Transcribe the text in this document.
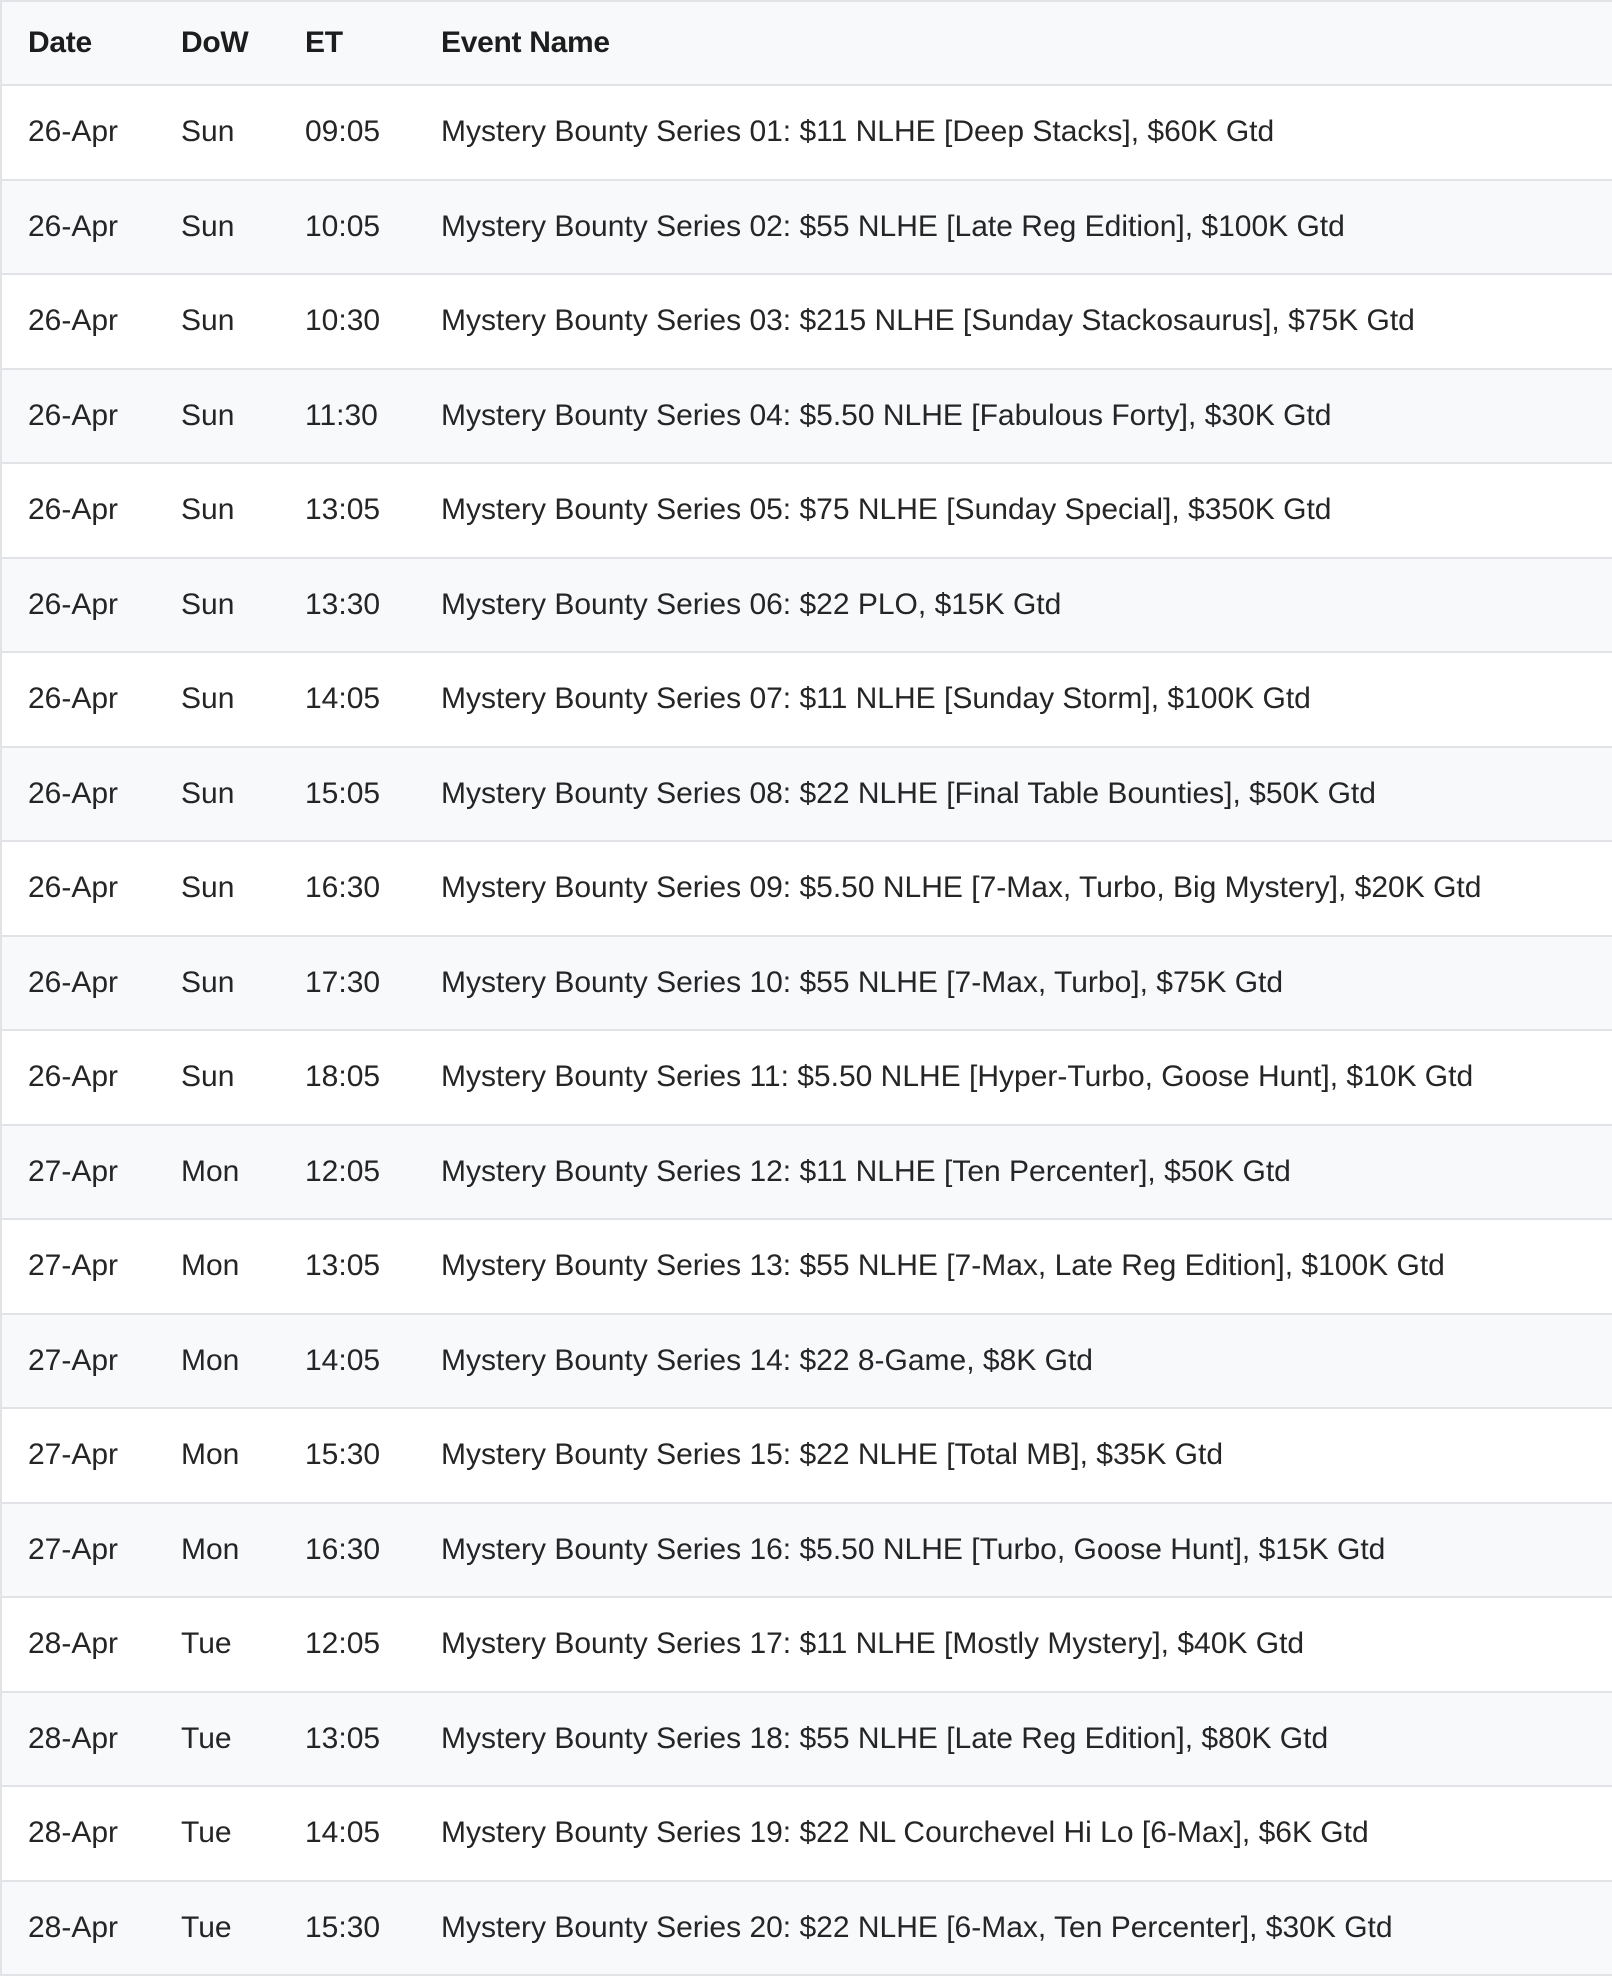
Date	DoW	ET	Event Name
26-Apr	Sun	09:05	Mystery Bounty Series 01: $11 NLHE [Deep Stacks], $60K Gtd
26-Apr	Sun	10:05	Mystery Bounty Series 02: $55 NLHE [Late Reg Edition], $100K Gtd
26-Apr	Sun	10:30	Mystery Bounty Series 03: $215 NLHE [Sunday Stackosaurus], $75K Gtd
26-Apr	Sun	11:30	Mystery Bounty Series 04: $5.50 NLHE [Fabulous Forty], $30K Gtd
26-Apr	Sun	13:05	Mystery Bounty Series 05: $75 NLHE [Sunday Special], $350K Gtd
26-Apr	Sun	13:30	Mystery Bounty Series 06: $22 PLO, $15K Gtd
26-Apr	Sun	14:05	Mystery Bounty Series 07: $11 NLHE [Sunday Storm], $100K Gtd
26-Apr	Sun	15:05	Mystery Bounty Series 08: $22 NLHE [Final Table Bounties], $50K Gtd
26-Apr	Sun	16:30	Mystery Bounty Series 09: $5.50 NLHE [7-Max, Turbo, Big Mystery], $20K Gtd
26-Apr	Sun	17:30	Mystery Bounty Series 10: $55 NLHE [7-Max, Turbo], $75K Gtd
26-Apr	Sun	18:05	Mystery Bounty Series 11: $5.50 NLHE [Hyper-Turbo, Goose Hunt], $10K Gtd
27-Apr	Mon	12:05	Mystery Bounty Series 12: $11 NLHE [Ten Percenter], $50K Gtd
27-Apr	Mon	13:05	Mystery Bounty Series 13: $55 NLHE [7-Max, Late Reg Edition], $100K Gtd
27-Apr	Mon	14:05	Mystery Bounty Series 14: $22 8-Game, $8K Gtd
27-Apr	Mon	15:30	Mystery Bounty Series 15: $22 NLHE [Total MB], $35K Gtd
27-Apr	Mon	16:30	Mystery Bounty Series 16: $5.50 NLHE [Turbo, Goose Hunt], $15K Gtd
28-Apr	Tue	12:05	Mystery Bounty Series 17: $11 NLHE [Mostly Mystery], $40K Gtd
28-Apr	Tue	13:05	Mystery Bounty Series 18: $55 NLHE [Late Reg Edition], $80K Gtd
28-Apr	Tue	14:05	Mystery Bounty Series 19: $22 NL Courchevel Hi Lo [6-Max], $6K Gtd
28-Apr	Tue	15:30	Mystery Bounty Series 20: $22 NLHE [6-Max, Ten Percenter], $30K Gtd
